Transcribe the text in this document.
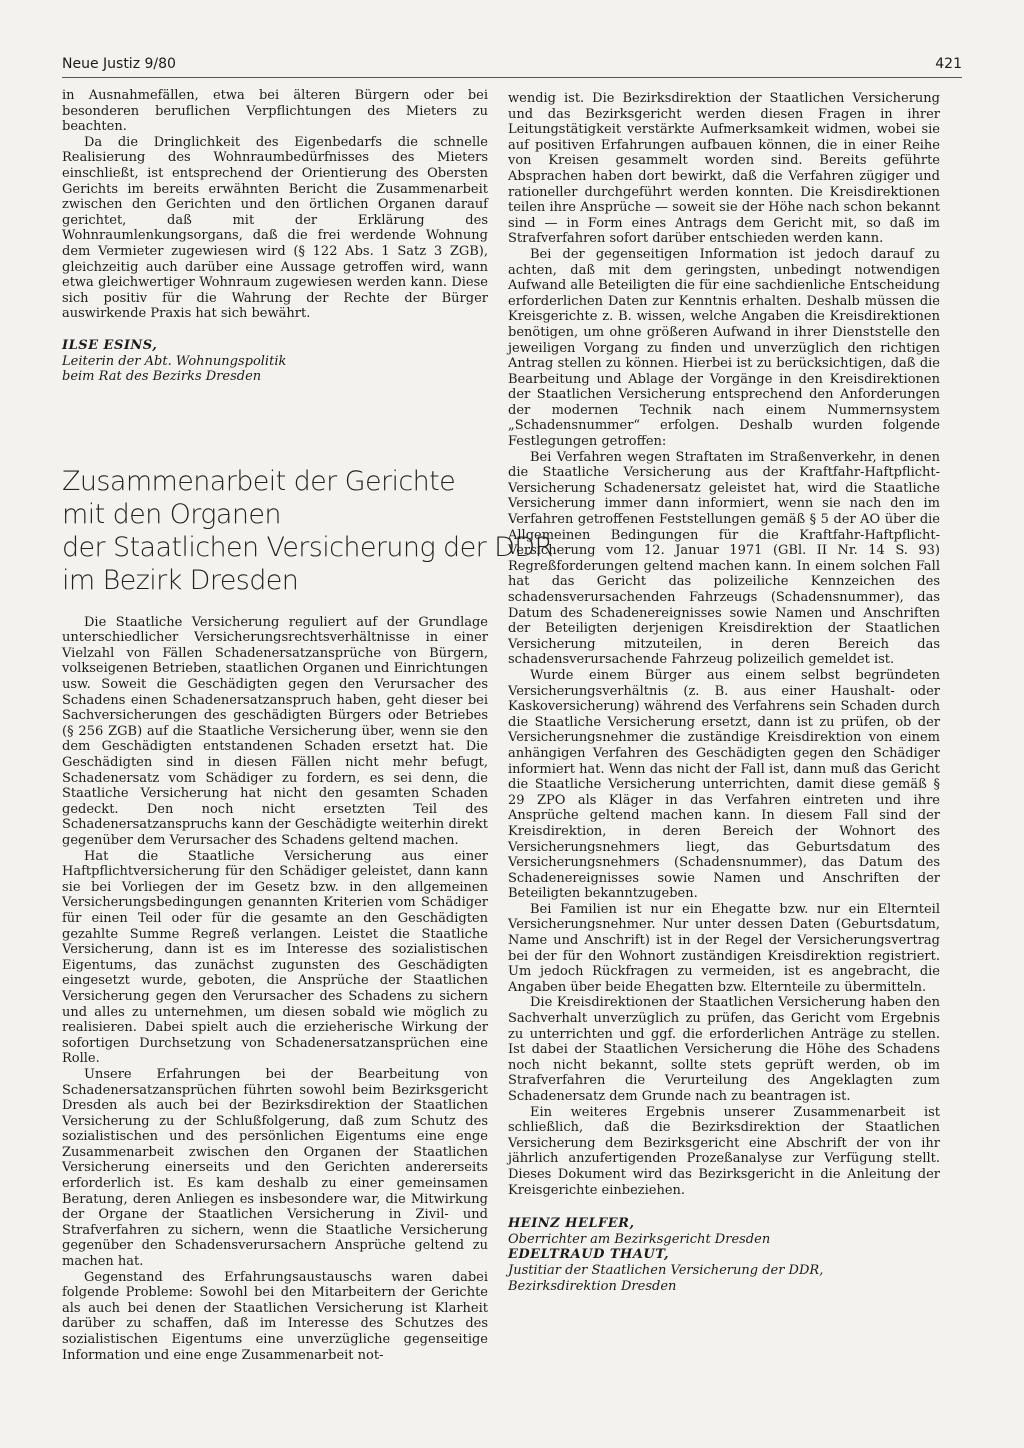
Neue Justiz 9/80	421

in Ausnahmefällen, etwa bei älteren Bürgern oder bei besonderen beruflichen Verpflichtungen des Mieters zu beachten.

Da die Dringlichkeit des Eigenbedarfs die schnelle Realisierung des Wohnraumbedürfnisses des Mieters einschließt, ist entsprechend der Orientierung des Obersten Gerichts im bereits erwähnten Bericht die Zusammenarbeit zwischen den Gerichten und den örtlichen Organen darauf gerichtet, daß mit der Erklärung des Wohnraumlenkungsorgans, daß die frei werdende Wohnung dem Vermieter zugewiesen wird (§ 122 Abs. 1 Satz 3 ZGB), gleichzeitig auch darüber eine Aussage getroffen wird, wann etwa gleichwertiger Wohnraum zugewiesen werden kann. Diese sich positiv für die Wahrung der Rechte der Bürger auswirkende Praxis hat sich bewährt.

ILSE ESINS,

Leiterin der Abt. Wohnungspolitik

beim Rat des Bezirks Dresden

Zusammenarbeit der Gerichte
mit den Organen
der Staatlichen Versicherung der DDR
im Bezirk Dresden

Die Staatliche Versicherung reguliert auf der Grundlage unterschiedlicher Versicherungsrechtsverhältnisse in einer Vielzahl von Fällen Schadenersatzansprüche von Bürgern, volkseigenen Betrieben, staatlichen Organen und Einrichtungen usw. Soweit die Geschädigten gegen den Verursacher des Schadens einen Schadenersatzanspruch haben, geht dieser bei Sachversicherungen des geschädigten Bürgers oder Betriebes (§ 256 ZGB) auf die Staatliche Versicherung über, wenn sie den dem Geschädigten entstandenen Schaden ersetzt hat. Die Geschädigten sind in diesen Fällen nicht mehr befugt, Schadenersatz vom Schädiger zu fordern, es sei denn, die Staatliche Versicherung hat nicht den gesamten Schaden gedeckt. Den noch nicht ersetzten Teil des Schadenersatzanspruchs kann der Geschädigte weiterhin direkt gegenüber dem Verursacher des Schadens geltend machen.

Hat die Staatliche Versicherung aus einer Haftpflichtversicherung für den Schädiger geleistet, dann kann sie bei Vorliegen der im Gesetz bzw. in den allgemeinen Versicherungsbedingungen genannten Kriterien vom Schädiger für einen Teil oder für die gesamte an den Geschädigten gezahlte Summe Regreß verlangen. Leistet die Staatliche Versicherung, dann ist es im Interesse des sozialistischen Eigentums, das zunächst zugunsten des Geschädigten eingesetzt wurde, geboten, die Ansprüche der Staatlichen Versicherung gegen den Verursacher des Schadens zu sichern und alles zu unternehmen, um diesen sobald wie möglich zu realisieren. Dabei spielt auch die erzieherische Wirkung der sofortigen Durchsetzung von Schadenersatzansprüchen eine Rolle.

Unsere Erfahrungen bei der Bearbeitung von Schadenersatzansprüchen führten sowohl beim Bezirksgericht Dresden als auch bei der Bezirksdirektion der Staatlichen Versicherung zu der Schlußfolgerung, daß zum Schutz des sozialistischen und des persönlichen Eigentums eine enge Zusammenarbeit zwischen den Organen der Staatlichen Versicherung einerseits und den Gerichten andererseits erforderlich ist. Es kam deshalb zu einer gemeinsamen Beratung, deren Anliegen es insbesondere war, die Mitwirkung der Organe der Staatlichen Versicherung in Zivil- und Strafverfahren zu sichern, wenn die Staatliche Versicherung gegenüber den Schadensverursachern Ansprüche geltend zu machen hat.

Gegenstand des Erfahrungsaustauschs waren dabei folgende Probleme: Sowohl bei den Mitarbeitern der Gerichte als auch bei denen der Staatlichen Versicherung ist Klarheit darüber zu schaffen, daß im Interesse des Schutzes des sozialistischen Eigentums eine unverzügliche gegenseitige Information und eine enge Zusammenarbeit not-

wendig ist. Die Bezirksdirektion der Staatlichen Versicherung und das Bezirksgericht werden diesen Fragen in ihrer Leitungstätigkeit verstärkte Aufmerksamkeit widmen, wobei sie auf positiven Erfahrungen aufbauen können, die in einer Reihe von Kreisen gesammelt worden sind. Bereits geführte Absprachen haben dort bewirkt, daß die Verfahren zügiger und rationeller durchgeführt werden konnten. Die Kreisdirektionen teilen ihre Ansprüche — soweit sie der Höhe nach schon bekannt sind — in Form eines Antrags dem Gericht mit, so daß im Strafverfahren sofort darüber entschieden werden kann.

Bei der gegenseitigen Information ist jedoch darauf zu achten, daß mit dem geringsten, unbedingt notwendigen Aufwand alle Beteiligten die für eine sachdienliche Entscheidung erforderlichen Daten zur Kenntnis erhalten. Deshalb müssen die Kreisgerichte z. B. wissen, welche Angaben die Kreisdirektionen benötigen, um ohne größeren Aufwand in ihrer Dienststelle den jeweiligen Vorgang zu finden und unverzüglich den richtigen Antrag stellen zu können. Hierbei ist zu berücksichtigen, daß die Bearbeitung und Ablage der Vorgänge in den Kreisdirektionen der Staatlichen Versicherung entsprechend den Anforderungen der modernen Technik nach einem Nummernsystem „Schadensnummer“ erfolgen. Deshalb wurden folgende Festlegungen getroffen:

Bei Verfahren wegen Straftaten im Straßenverkehr, in denen die Staatliche Versicherung aus der Kraftfahr-Haftpflicht-Versicherung Schadenersatz geleistet hat, wird die Staatliche Versicherung immer dann informiert, wenn sie nach den im Verfahren getroffenen Feststellungen gemäß § 5 der AO über die Allgemeinen Bedingungen für die Kraftfahr-Haftpflicht-Versicherung vom 12. Januar 1971 (GBl. II Nr. 14 S. 93) Regreßforderungen geltend machen kann. In einem solchen Fall hat das Gericht das polizeiliche Kennzeichen des schadensverursachenden Fahrzeugs (Schadensnummer), das Datum des Schadenereignisses sowie Namen und Anschriften der Beteiligten derjenigen Kreisdirektion der Staatlichen Versicherung mitzuteilen, in deren Bereich das schadensverursachende Fahrzeug polizeilich gemeldet ist.

Wurde einem Bürger aus einem selbst begründeten Versicherungsverhältnis (z. B. aus einer Haushalt- oder Kaskoversicherung) während des Verfahrens sein Schaden durch die Staatliche Versicherung ersetzt, dann ist zu prüfen, ob der Versicherungsnehmer die zuständige Kreisdirektion von einem anhängigen Verfahren des Geschädigten gegen den Schädiger informiert hat. Wenn das nicht der Fall ist, dann muß das Gericht die Staatliche Versicherung unterrichten, damit diese gemäß § 29 ZPO als Kläger in das Verfahren eintreten und ihre Ansprüche geltend machen kann. In diesem Fall sind der Kreisdirektion, in deren Bereich der Wohnort des Versicherungsnehmers liegt, das Geburtsdatum des Versicherungsnehmers (Schadensnummer), das Datum des Schadenereignisses sowie Namen und Anschriften der Beteiligten bekanntzugeben.

Bei Familien ist nur ein Ehegatte bzw. nur ein Elternteil Versicherungsnehmer. Nur unter dessen Daten (Geburtsdatum, Name und Anschrift) ist in der Regel der Versicherungsvertrag bei der für den Wohnort zuständigen Kreisdirektion registriert. Um jedoch Rückfragen zu vermeiden, ist es angebracht, die Angaben über beide Ehegatten bzw. Elternteile zu übermitteln.

Die Kreisdirektionen der Staatlichen Versicherung haben den Sachverhalt unverzüglich zu prüfen, das Gericht vom Ergebnis zu unterrichten und ggf. die erforderlichen Anträge zu stellen. Ist dabei der Staatlichen Versicherung die Höhe des Schadens noch nicht bekannt, sollte stets geprüft werden, ob im Strafverfahren die Verurteilung des Angeklagten zum Schadenersatz dem Grunde nach zu beantragen ist.

Ein weiteres Ergebnis unserer Zusammenarbeit ist schließlich, daß die Bezirksdirektion der Staatlichen Versicherung dem Bezirksgericht eine Abschrift der von ihr jährlich anzufertigenden Prozeßanalyse zur Verfügung stellt. Dieses Dokument wird das Bezirksgericht in die Anleitung der Kreisgerichte einbeziehen.

HEINZ HELFER,

Oberrichter am Bezirksgericht Dresden

EDELTRAUD THAUT,

Justitiar der Staatlichen Versicherung der DDR,

Bezirksdirektion Dresden
